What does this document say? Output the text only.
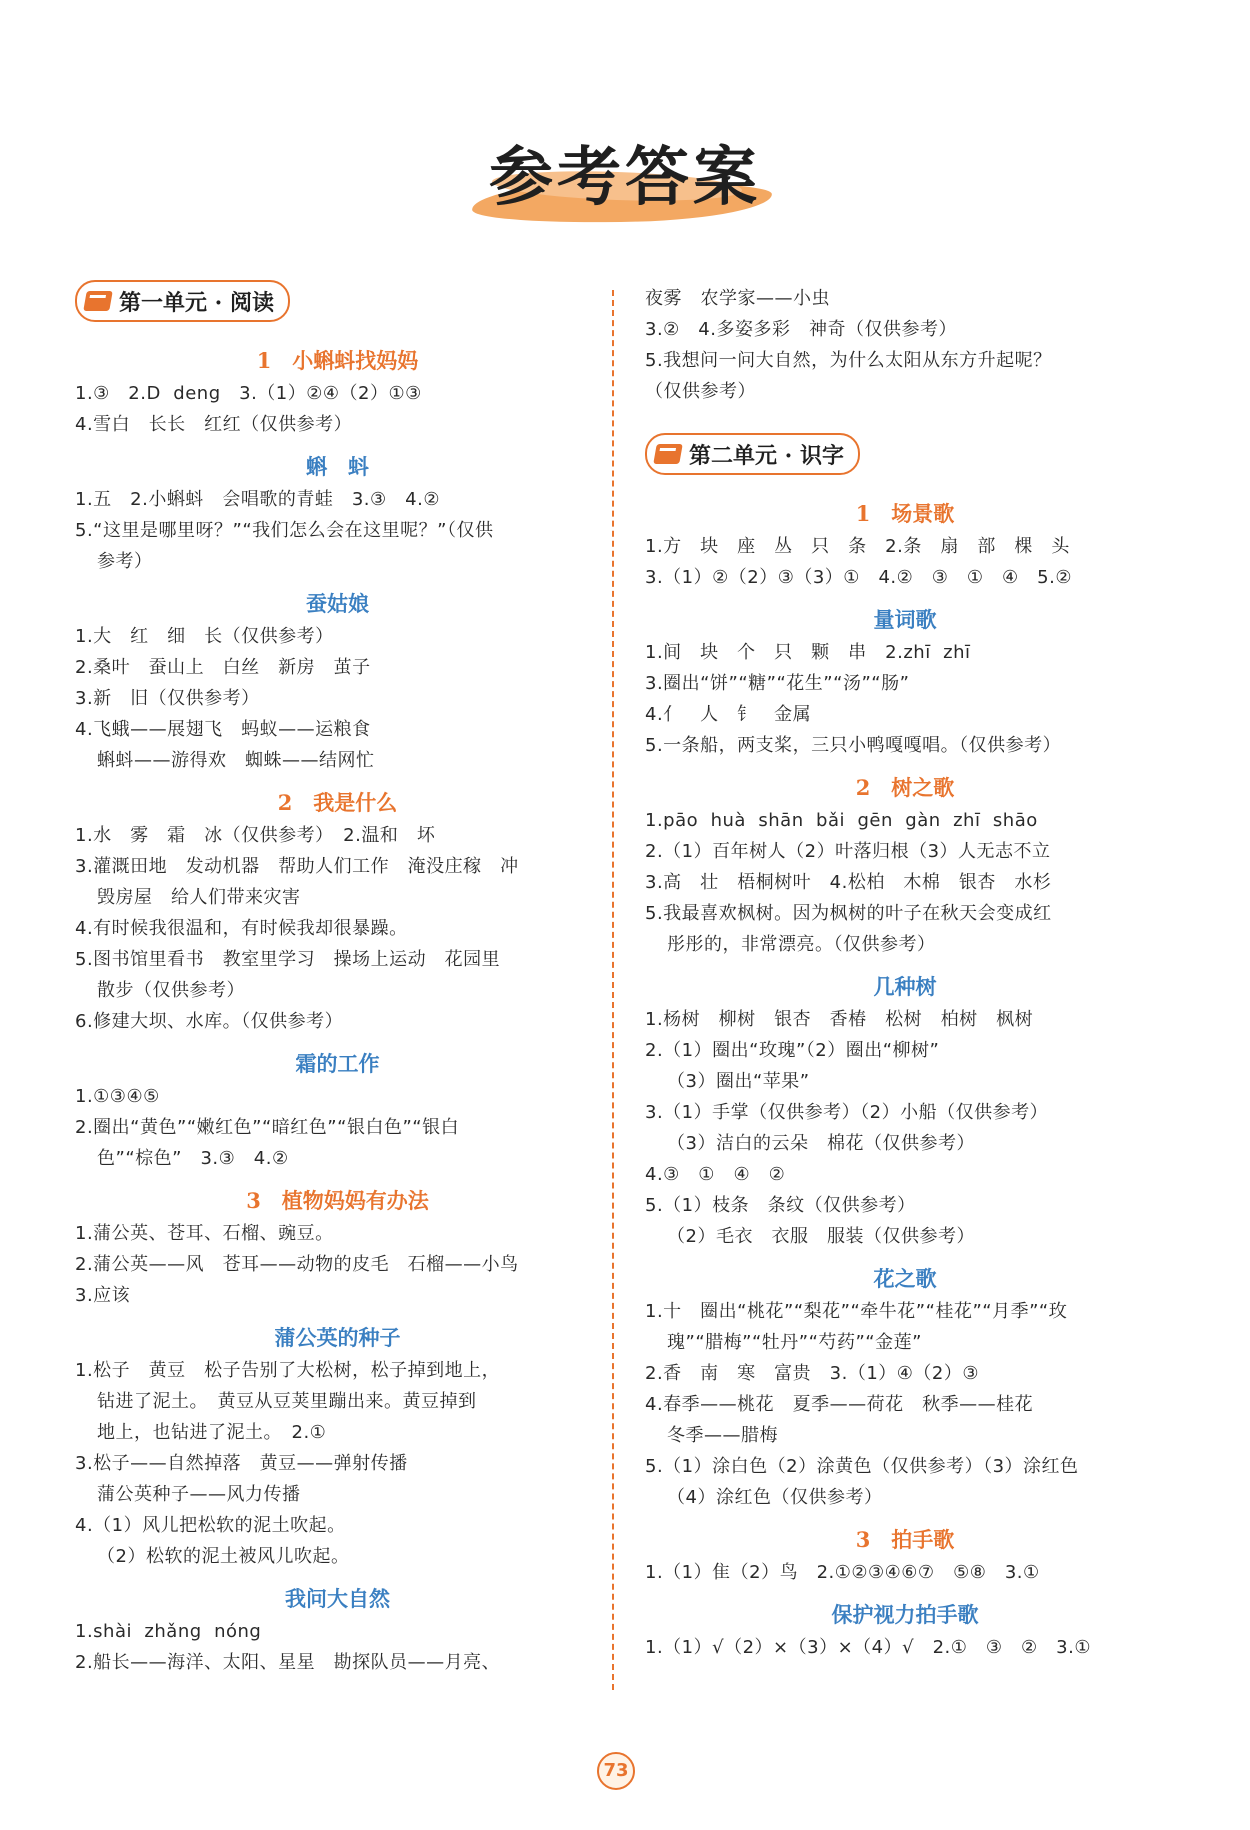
参考答案
第一单元 · 阅读
1　小蝌蚪找妈妈
1.③　2.D  deng　3.（1）②④（2）①③
4.雪白　长长　红红（仅供参考）
蝌　蚪
1.五　2.小蝌蚪　会唱歌的青蛙　3.③　4.②
5.“这里是哪里呀？”“我们怎么会在这里呢？”（仅供
参考）
蚕姑娘
1.大　红　细　长（仅供参考）
2.桑叶　蚕山上　白丝　新房　茧子
3.新　旧（仅供参考）
4.飞蛾——展翅飞　蚂蚁——运粮食
蝌蚪——游得欢　蜘蛛——结网忙
2　我是什么
1.水　雾　霜　冰（仅供参考）　2.温和　坏
3.灌溉田地　发动机器　帮助人们工作　淹没庄稼　冲
毁房屋　给人们带来灾害
4.有时候我很温和，有时候我却很暴躁。
5.图书馆里看书　教室里学习　操场上运动　花园里
散步（仅供参考）
6.修建大坝、水库。（仅供参考）
霜的工作
1.①③④⑤
2.圈出“黄色”“嫩红色”“暗红色”“银白色”“银白
色”“棕色”　3.③　4.②
3　植物妈妈有办法
1.蒲公英、苍耳、石榴、豌豆。
2.蒲公英——风　苍耳——动物的皮毛　石榴——小鸟
3.应该
蒲公英的种子
1.松子　黄豆　松子告别了大松树，松子掉到地上，
钻进了泥土。　黄豆从豆荚里蹦出来。黄豆掉到
地上，也钻进了泥土。　2.①
3.松子——自然掉落　黄豆——弹射传播
蒲公英种子——风力传播
4.（1）风儿把松软的泥土吹起。
（2）松软的泥土被风儿吹起。
我问大自然
1.shài  zhǎng  nóng
2.船长——海洋、太阳、星星　勘探队员——月亮、
夜雾　农学家——小虫
3.②　4.多姿多彩　神奇（仅供参考）
5.我想问一问大自然，为什么太阳从东方升起呢？
（仅供参考）
第二单元 · 识字
1　场景歌
1.方　块　座　丛　只　条　2.条　扇　部　棵　头
3.（1）②（2）③（3）①　4.②　③　①　④　5.②
量词歌
1.间　块　个　只　颗　串　2.zhī  zhī
3.圈出“饼”“糖”“花生”“汤”“肠”
4.亻　人　钅　金属
5.一条船，两支桨，三只小鸭嘎嘎唱。（仅供参考）
2　树之歌
1.pāo  huà  shān  bǎi  gēn  gàn  zhī  shāo
2.（1）百年树人（2）叶落归根（3）人无志不立
3.高　壮　梧桐树叶　4.松柏　木棉　银杏　水杉
5.我最喜欢枫树。因为枫树的叶子在秋天会变成红
彤彤的，非常漂亮。（仅供参考）
几种树
1.杨树　柳树　银杏　香椿　松树　柏树　枫树
2.（1）圈出“玫瑰”（2）圈出“柳树”
（3）圈出“苹果”
3.（1）手掌（仅供参考）（2）小船（仅供参考）
（3）洁白的云朵　棉花（仅供参考）
4.③　①　④　②
5.（1）枝条　条纹（仅供参考）
（2）毛衣　衣服　服装（仅供参考）
花之歌
1.十　圈出“桃花”“梨花”“牵牛花”“桂花”“月季”“玫
瑰”“腊梅”“牡丹”“芍药”“金莲”
2.香　南　寒　富贵　3.（1）④（2）③
4.春季——桃花　夏季——荷花　秋季——桂花
冬季——腊梅
5.（1）涂白色（2）涂黄色（仅供参考）（3）涂红色
（4）涂红色（仅供参考）
3　拍手歌
1.（1）隹（2）鸟　2.①②③④⑥⑦　⑤⑧　3.①
保护视力拍手歌
1.（1）√（2）×（3）×（4）√　2.①　③　②　3.①
73
